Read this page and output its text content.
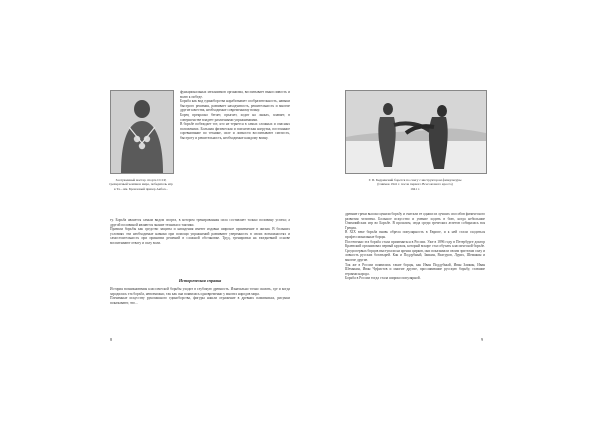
Заслуженный мастер спорта СССР, трехкратный чемпион мира, победитель игр в Та... им. Бронзовый призер Акбал...
функциональных механизмов организма, воспитывает выносливость и волю к победе.
Борьба как вид единоборства нарабатывает сообразительность, навыки быстрого решения, развивает находчивость, решительность и многие другие качества, необходимые современному воину.
Борец прекрасно бегает, прыгает, ходит на лыжах, плавает, в совершенстве владеет различными упражнениями.
В борьбе побеждает тот, кто не теряется в самых сложных и опасных положениях. Большая физическая и психическая нагрузка, постоянное соревнование по технике, силе и ловкости воспитывают смелость, быстроту и решительность, необходимые каждому воину.
ту. Борьба является самым видом спорта, в котором тренированная сила составляет только половину успеха; а другой половиной являются знание техники и тактики.
Правила борьбы как средство защиты и нападения имеют издавна широкое применение в жизни. В больших условиях эти необходимые навыки при помощи упражнений развивают уверенность в своих возможностях и самостоятельность при принятии решений в сложной обстановке. Труд, тренировки на ежедневной основе воспитывают отвагу и силу воли.
Историческая справка
История возникновения классической борьбы уходит в глубокую древность. Изначально точно сказать, где и когда зародилась эта борьба, невозможно, так как она появилась одновременно у многих народов мира.
Плененные искусству рукопашного единоборства, фигуры нашли отражение в древних памятниках, рисунки показывают, что...
8
Г. П. Бедринский борется по снегу с инструктором физкультуры
(Снимок 1941 г. после первого Всесоюзного кросса)
1941 г.
древние греки высоко ценили борьбу и считали ее одним из лучших способов физического развития человека. Большое искусство и умение ходить в бою, когда небольшие Олимпийских игр во Борьбе. В прошлом, сюда среди греческих атлетов собиралась вся Греция.
В XIX веке борьба вновь обрела популярность в Европе, и к ней стали сходиться профессиональные борцы.
Постепенно эта борьба стала применяться в России. Уже в 1896 году в Петербурге доктор Краевский организовал первый кружок, который вскоре стал обучать классической борьбе. Среди первых борцов выступали на аренах цирков, они показывали своим зрителям силу и ловкость русских богатырей. Как и Поддубный, Заикин, Вахтуров, Лурих, Шемякин и многие другие.
Так же в России появились такие борцы, как Иван Поддубный, Иван Заикин, Иван Шемякин, Иван Чуфистов и многие другие, прославившие русскую борьбу, ставшие героями народа.
Борьба в России тогда стала широко популярной.
9
